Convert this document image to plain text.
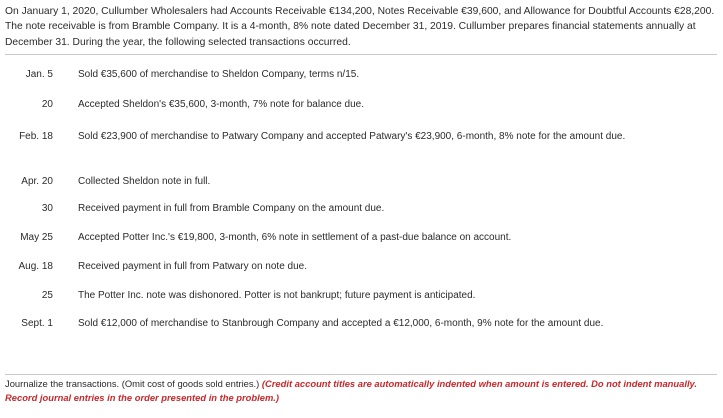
On January 1, 2020, Cullumber Wholesalers had Accounts Receivable €134,200, Notes Receivable €39,600, and Allowance for Doubtful Accounts €28,200. The note receivable is from Bramble Company. It is a 4-month, 8% note dated December 31, 2019. Cullumber prepares financial statements annually at December 31. During the year, the following selected transactions occurred.
Jan. 5	Sold €35,600 of merchandise to Sheldon Company, terms n/15.
20	Accepted Sheldon's €35,600, 3-month, 7% note for balance due.
Feb. 18	Sold €23,900 of merchandise to Patwary Company and accepted Patwary's €23,900, 6-month, 8% note for the amount due.
Apr. 20	Collected Sheldon note in full.
30	Received payment in full from Bramble Company on the amount due.
May 25	Accepted Potter Inc.'s €19,800, 3-month, 6% note in settlement of a past-due balance on account.
Aug. 18	Received payment in full from Patwary on note due.
25	The Potter Inc. note was dishonored. Potter is not bankrupt; future payment is anticipated.
Sept. 1	Sold €12,000 of merchandise to Stanbrough Company and accepted a €12,000, 6-month, 9% note for the amount due.
Journalize the transactions. (Omit cost of goods sold entries.) (Credit account titles are automatically indented when amount is entered. Do not indent manually. Record journal entries in the order presented in the problem.)
